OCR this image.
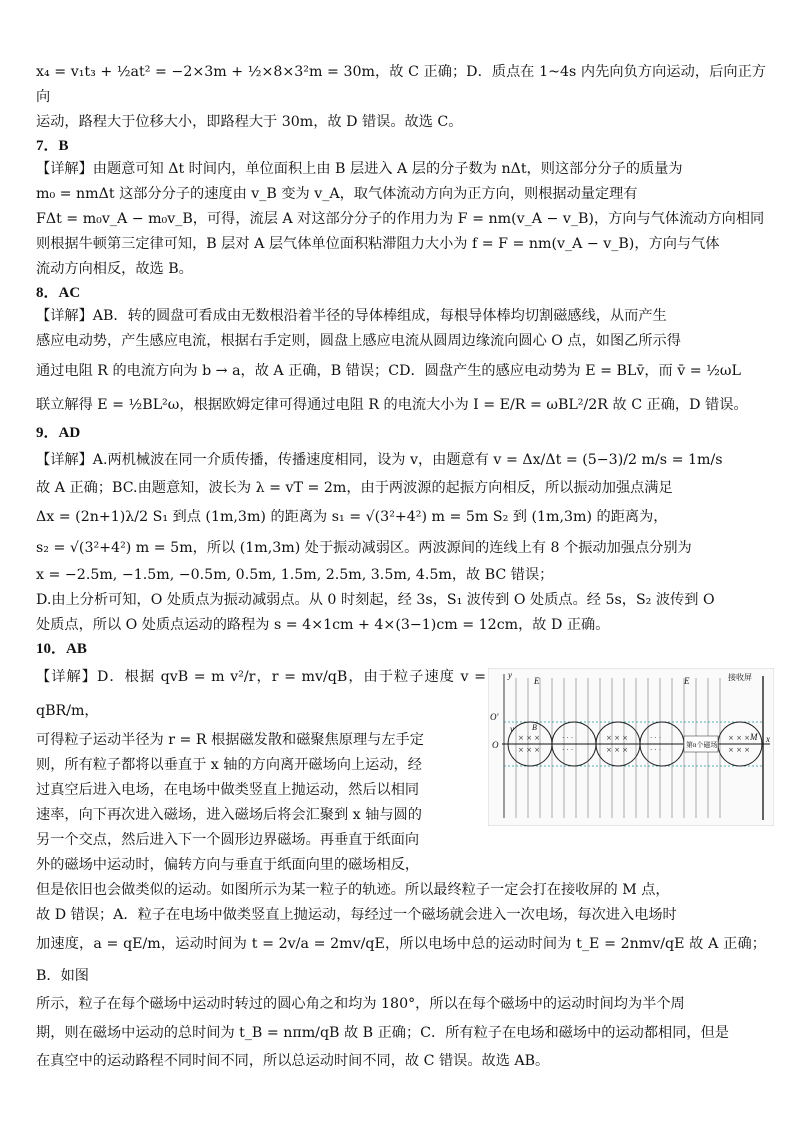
x₄ = v₁t₃ + ½at² = −2×3m + ½×8×3²m = 30m，故 C 正确；D．质点在 1~4s 内先向负方向运动，后向正方向

运动，路程大于位移大小，即路程大于 30m，故 D 错误。故选 C。

7．B

【详解】由题意可知 Δt 时间内，单位面积上由 B 层进入 A 层的分子数为 nΔt，则这部分分子的质量为

m₀ = nmΔt 这部分分子的速度由 v_B 变为 v_A，取气体流动方向为正方向，则根据动量定理有

FΔt = m₀v_A − m₀v_B，可得，流层 A 对这部分分子的作用力为 F = nm(v_A − v_B)，方向与气体流动方向相同

则根据牛顿第三定律可知，B 层对 A 层气体单位面积粘滞阻力大小为 f = F = nm(v_A − v_B)，方向与气体

流动方向相反，故选 B。

8．AC

【详解】AB．转的圆盘可看成由无数根沿着半径的导体棒组成，每根导体棒均切割磁感线，从而产生

感应电动势，产生感应电流，根据右手定则，圆盘上感应电流从圆周边缘流向圆心 O 点，如图乙所示得

通过电阻 R 的电流方向为 b → a，故 A 正确，B 错误；CD．圆盘产生的感应电动势为 E = BLv̄，而 v̄ = ½ωL

联立解得 E = ½BL²ω，根据欧姆定律可得通过电阻 R 的电流大小为 I = E/R = ωBL²/2R 故 C 正确，D 错误。

9．AD

【详解】A.两机械波在同一介质传播，传播速度相同，设为 v，由题意有 v = Δx/Δt = (5−3)/2 m/s = 1m/s

故 A 正确；BC.由题意知，波长为 λ = vT = 2m，由于两波源的起振方向相反，所以振动加强点满足

Δx = (2n+1)λ/2 S₁ 到点 (1m,3m) 的距离为 s₁ = √(3²+4²) m = 5m S₂ 到 (1m,3m) 的距离为，

s₂ = √(3²+4²) m = 5m，所以 (1m,3m) 处于振动减弱区。两波源间的连线上有 8 个振动加强点分别为

x = −2.5m, −1.5m, −0.5m, 0.5m, 1.5m, 2.5m, 3.5m, 4.5m，故 BC 错误；

D.由上分析可知，O 处质点为振动减弱点。从 0 时刻起，经 3s，S₁ 波传到 O 处质点。经 5s，S₂ 波传到 O

处质点，所以 O 处质点运动的路程为 s = 4×1cm + 4×(3−1)cm = 12cm，故 D 正确。

10．AB

【详解】D．根据 qvB = m v²/r，r = mv/qB，由于粒子速度 v = qBR/m，

可得粒子运动半径为 r = R 根据磁发散和磁聚焦原理与左手定

则，所有粒子都将以垂直于 x 轴的方向离开磁场向上运动，经

过真空后进入电场，在电场中做类竖直上抛运动，然后以相同

速率，向下再次进入磁场，进入磁场后将会汇聚到 x 轴与圆的

另一个交点，然后进入下一个圆形边界磁场。再垂直于纸面向

外的磁场中运动时，偏转方向与垂直于纸面向里的磁场相反，

但是依旧也会做类似的运动。如图所示为某一粒子的轨迹。所以最终粒子一定会打在接收屏的 M 点，

故 D 错误；A．粒子在电场中做类竖直上抛运动，每经过一个磁场就会进入一次电场，每次进入电场时

加速度，a = qE/m，运动时间为 t = 2v/a = 2mv/qE，所以电场中总的运动时间为 t_E = 2nmv/qE 故 A 正确；B．如图

所示，粒子在每个磁场中运动时转过的圆心角之和均为 180°，所以在每个磁场中的运动时间均为半个周

期，则在磁场中运动的总时间为 t_B = nπm/qB 故 B 正确；C．所有粒子在电场和磁场中的运动都相同，但是

在真空中的运动路程不同时间不同，所以总运动时间不同，故 C 错误。故选 AB。

× × ×
× × ×
· · ·
· · ·
× × ×
× × ×
· · ·
· · ·
× × ×
× × ×
E	E	接收屏
O'
O
v
x
y
M
第n个磁场
B
